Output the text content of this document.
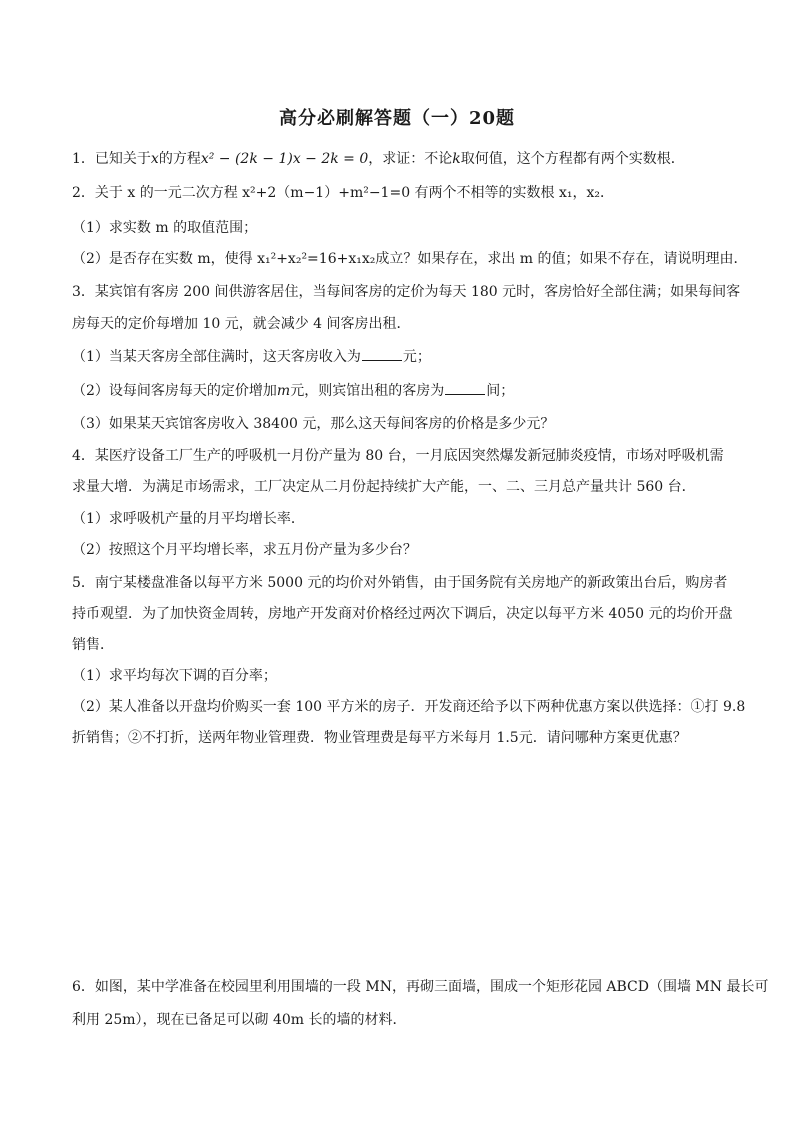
高分必刷解答题（一）20题
1．已知关于x的方程x² − (2k − 1)x − 2k = 0，求证：不论k取何值，这个方程都有两个实数根．
2．关于 x 的一元二次方程 x²+2（m−1）+m²−1=0 有两个不相等的实数根 x₁，x₂．
（1）求实数 m 的取值范围；
（2）是否存在实数 m，使得 x₁²+x₂²=16+x₁x₂成立？如果存在，求出 m 的值；如果不存在，请说明理由．
3．某宾馆有客房 200 间供游客居住，当每间客房的定价为每天 180 元时，客房恰好全部住满；如果每间客
房每天的定价每增加 10 元，就会减少 4 间客房出租．
（1）当某天客房全部住满时，这天客房收入为	元；
（2）设每间客房每天的定价增加m元，则宾馆出租的客房为	间；
（3）如果某天宾馆客房收入 38400 元，那么这天每间客房的价格是多少元？
4．某医疗设备工厂生产的呼吸机一月份产量为 80 台，一月底因突然爆发新冠肺炎疫情，市场对呼吸机需
求量大增．为满足市场需求，工厂决定从二月份起持续扩大产能，一、二、三月总产量共计 560 台．
（1）求呼吸机产量的月平均增长率．
（2）按照这个月平均增长率，求五月份产量为多少台？
5．南宁某楼盘准备以每平方米 5000 元的均价对外销售，由于国务院有关房地产的新政策出台后，购房者
持币观望．为了加快资金周转，房地产开发商对价格经过两次下调后，决定以每平方米 4050 元的均价开盘
销售．
（1）求平均每次下调的百分率；
（2）某人准备以开盘均价购买一套 100 平方米的房子．开发商还给予以下两种优惠方案以供选择：①打 9.8
折销售；②不打折，送两年物业管理费．物业管理费是每平方米每月 1.5元．请问哪种方案更优惠？
6．如图，某中学准备在校园里利用围墙的一段 MN，再砌三面墙，围成一个矩形花园 ABCD（围墙 MN 最长可
利用 25m），现在已备足可以砌 40m 长的墙的材料．
